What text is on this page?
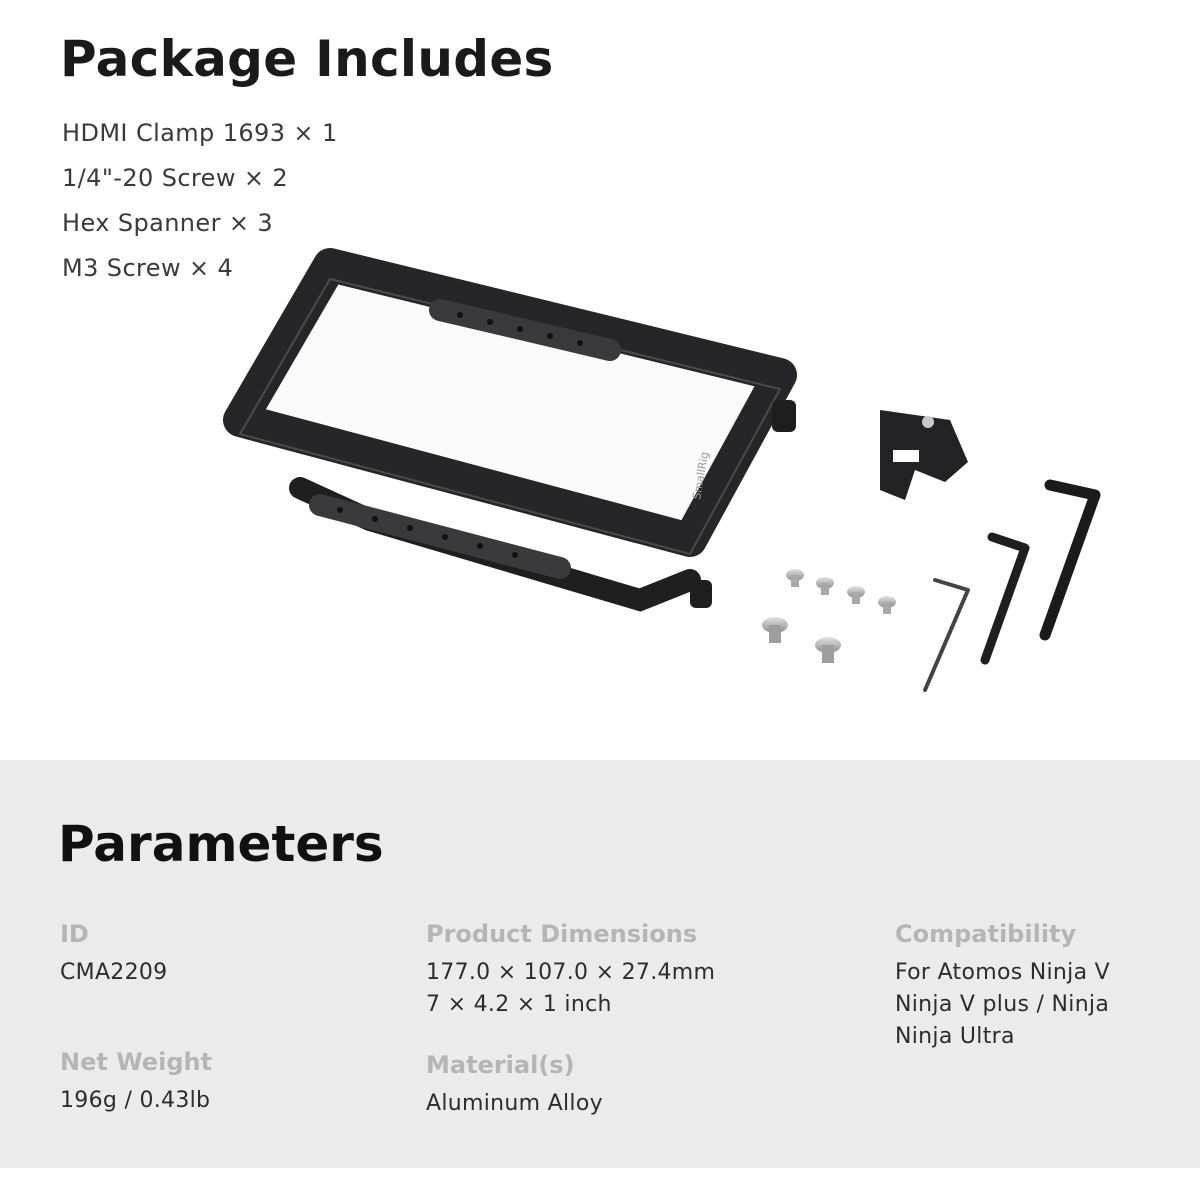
Package Includes
HDMI Clamp 1693 × 1
1/4"-20 Screw × 2
Hex Spanner × 3
M3 Screw × 4
SmallRig
Parameters
ID
CMA2209
Net Weight
196g / 0.43lb
Product Dimensions
177.0 × 107.0 × 27.4mm
7 × 4.2 × 1 inch
Material(s)
Aluminum Alloy
Compatibility
For Atomos Ninja V
Ninja V plus / Ninja
Ninja Ultra
